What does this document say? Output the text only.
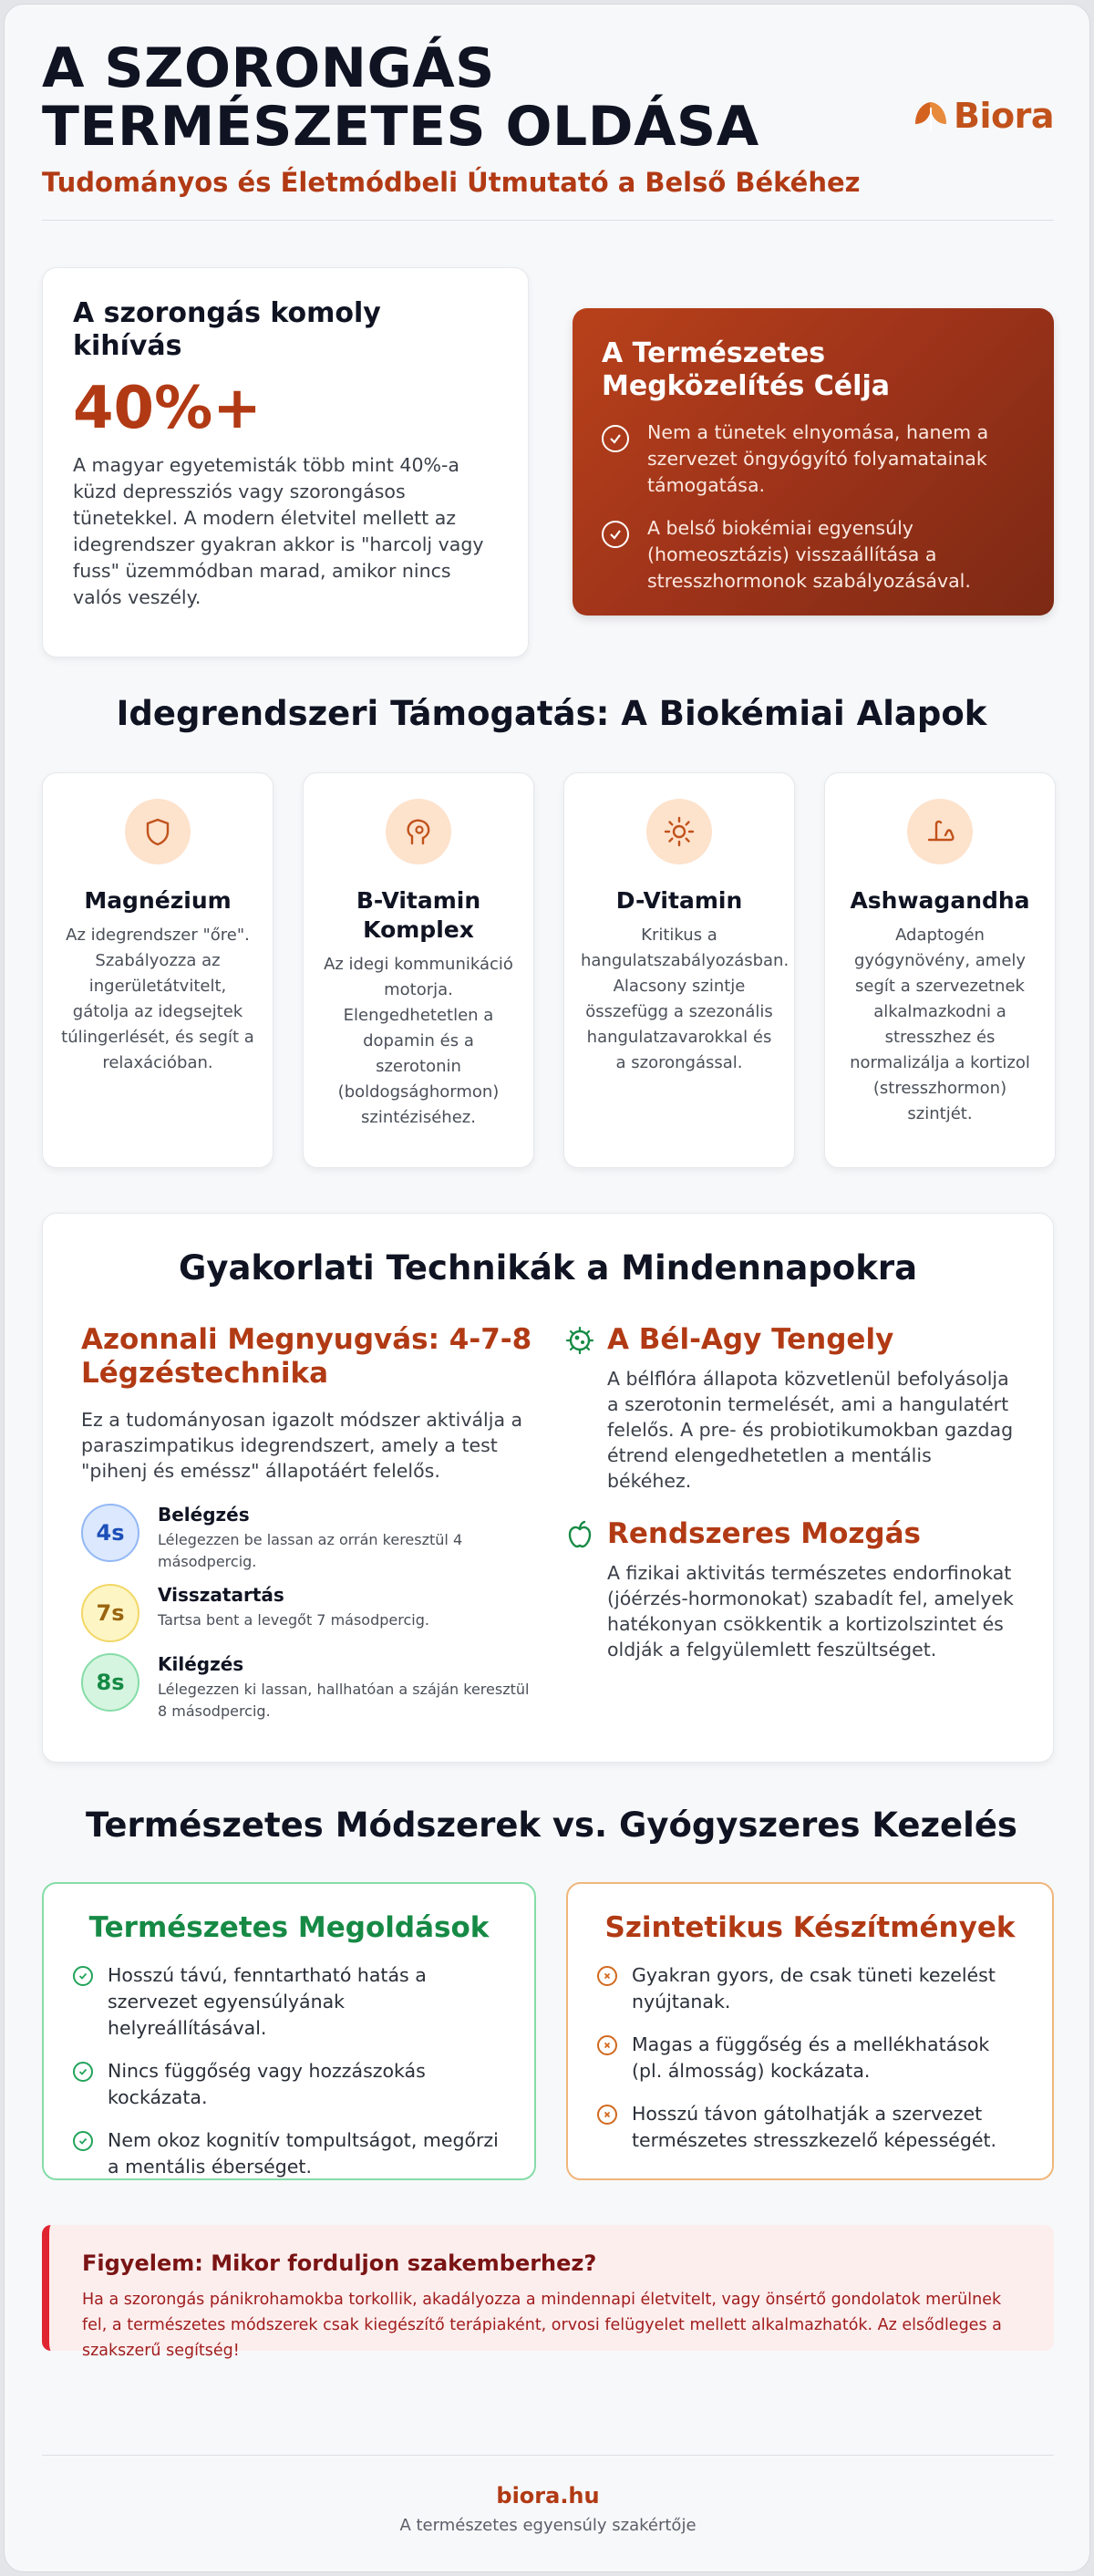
A SZORONGÁS TERMÉSZETES OLDÁSA
Tudományos és Életmódbeli Útmutató a Belső Békéhez
Biora
A szorongás komoly kihívás
40%+

A magyar egyetemisták több mint 40%-a küzd depressziós vagy szorongásos tünetekkel. A modern életvitel mellett az idegrendszer gyakran akkor is "harcolj vagy fuss" üzemmódban marad, amikor nincs valós veszély.

A Természetes Megközelítés Célja
Nem a tünetek elnyomása, hanem a szervezet öngyógyító folyamatainak támogatása.
A belső biokémiai egyensúly (homeosztázis) visszaállítása a stresszhormonok szabályozásával.
Idegrendszeri Támogatás: A Biokémiai Alapok
Magnézium
Az idegrendszer "őre". Szabályozza az ingerületátvitelt, gátolja az idegsejtek túlingerlését, és segít a relaxációban.
B-Vitamin Komplex
Az idegi kommunikáció motorja. Elengedhetetlen a dopamin és a szerotonin (boldogsághormon) szintéziséhez.
D-Vitamin
Kritikus a hangulatszabályozásban. Alacsony szintje összefügg a szezonális hangulatzavarokkal és a szorongással.
Ashwagandha
Adaptogén gyógynövény, amely segít a szervezetnek alkalmazkodni a stresszhez és normalizálja a kortizol (stresszhormon) szintjét.
Gyakorlati Technikák a Mindennapokra
Azonnali Megnyugvás: 4-7-8 Légzéstechnika

Ez a tudományosan igazolt módszer aktiválja a paraszimpatikus idegrendszert, amely a test "pihenj és eméssz" állapotáért felelős.

4s
Belégzés
Lélegezzen be lassan az orrán keresztül 4 másodpercig.
7s
Visszatartás
Tartsa bent a levegőt 7 másodpercig.
8s
Kilégzés
Lélegezzen ki lassan, hallhatóan a száján keresztül 8 másodpercig.
A Bél-Agy Tengely

A bélflóra állapota közvetlenül befolyásolja a szerotonin termelését, ami a hangulatért felelős. A pre- és probiotikumokban gazdag étrend elengedhetetlen a mentális békéhez.

Rendszeres Mozgás

A fizikai aktivitás természetes endorfinokat (jóérzés-hormonokat) szabadít fel, amelyek hatékonyan csökkentik a kortizolszintet és oldják a felgyülemlett feszültséget.

Természetes Módszerek vs. Gyógyszeres Kezelés
Természetes Megoldások
Hosszú távú, fenntartható hatás a szervezet egyensúlyának helyreállításával.
Nincs függőség vagy hozzászokás kockázata.
Nem okoz kognitív tompultságot, megőrzi a mentális éberséget.
Szintetikus Készítmények
Gyakran gyors, de csak tüneti kezelést nyújtanak.
Magas a függőség és a mellékhatások (pl. álmosság) kockázata.
Hosszú távon gátolhatják a szervezet természetes stresszkezelő képességét.
Figyelem: Mikor forduljon szakemberhez?

Ha a szorongás pánikrohamokba torkollik, akadályozza a mindennapi életvitelt, vagy önsértő gondolatok merülnek fel, a természetes módszerek csak kiegészítő terápiaként, orvosi felügyelet mellett alkalmazhatók. Az elsődleges a szakszerű segítség!

biora.hu
A természetes egyensúly szakértője
